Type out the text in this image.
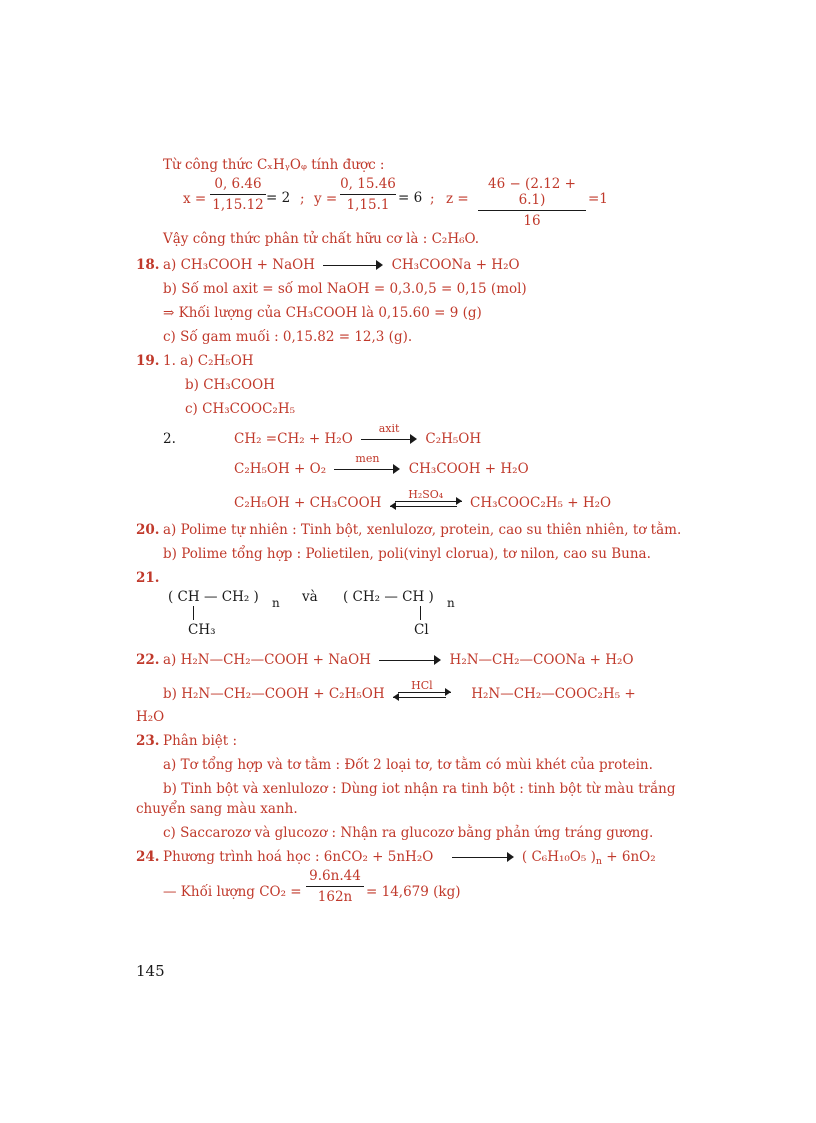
Từ công thức CₓHᵧOᵩ tính được :
x =
0, 6.46
1,15.12 = 2 ; y =
0, 15.46
1,15.1 = 6 ; z =
46 − (2.12 + 6.1)
16
=1
Vậy công thức phân tử chất hữu cơ là : C₂H₆O.
18. a) CH₃COOH + NaOH	CH₃COONa + H₂O
b) Số mol axit = số mol NaOH = 0,3.0,5 = 0,15 (mol)
⇒ Khối lượng của CH₃COOH là 0,15.60 = 9 (g)
c) Số gam muối : 0,15.82 = 12,3 (g).
19. 1. a) C₂H₅OH
b) CH₃COOH
c) CH₃COOC₂H₅
2.	CH₂ =CH₂ + H₂O
axit
C₂H₅OH
C₂H₅OH + O₂
men
CH₃COOH + H₂O
C₂H₅OH + CH₃COOH
H₂SO₄
CH₃COOC₂H₅ + H₂O
20. a) Polime tự nhiên : Tinh bột, xenlulozơ, protein, cao su thiên nhiên, tơ tằm.
b) Polime tổng hợp : Polietilen, poli(vinyl clorua), tơ nilon, cao su Buna.
21.
( CH — CH₂ ) n
CH₃
và ( CH₂ — CH ) n
Cl
22. a) H₂N—CH₂—COOH + NaOH	H₂N—CH₂—COONa + H₂O
b) H₂N—CH₂—COOH + C₂H₅OH
HCl
H₂N—CH₂—COOC₂H₅ +
H₂O
23. Phân biệt :
a) Tơ tổng hợp và tơ tằm : Đốt 2 loại tơ, tơ tằm có mùi khét của protein.
b) Tinh bột và xenlulozơ : Dùng iot nhận ra tinh bột : tinh bột từ màu trắng
chuyển sang màu xanh.
c) Saccarozơ và glucozơ : Nhận ra glucozơ bằng phản ứng tráng gương.
24. Phương trình hoá học : 6nCO₂ + 5nH₂O	( C₆H₁₀O₅ )$_n + 6nO_2$
— Khối lượng CO₂ =
9.6n.44
162n	= 14,679 (kg)
145
